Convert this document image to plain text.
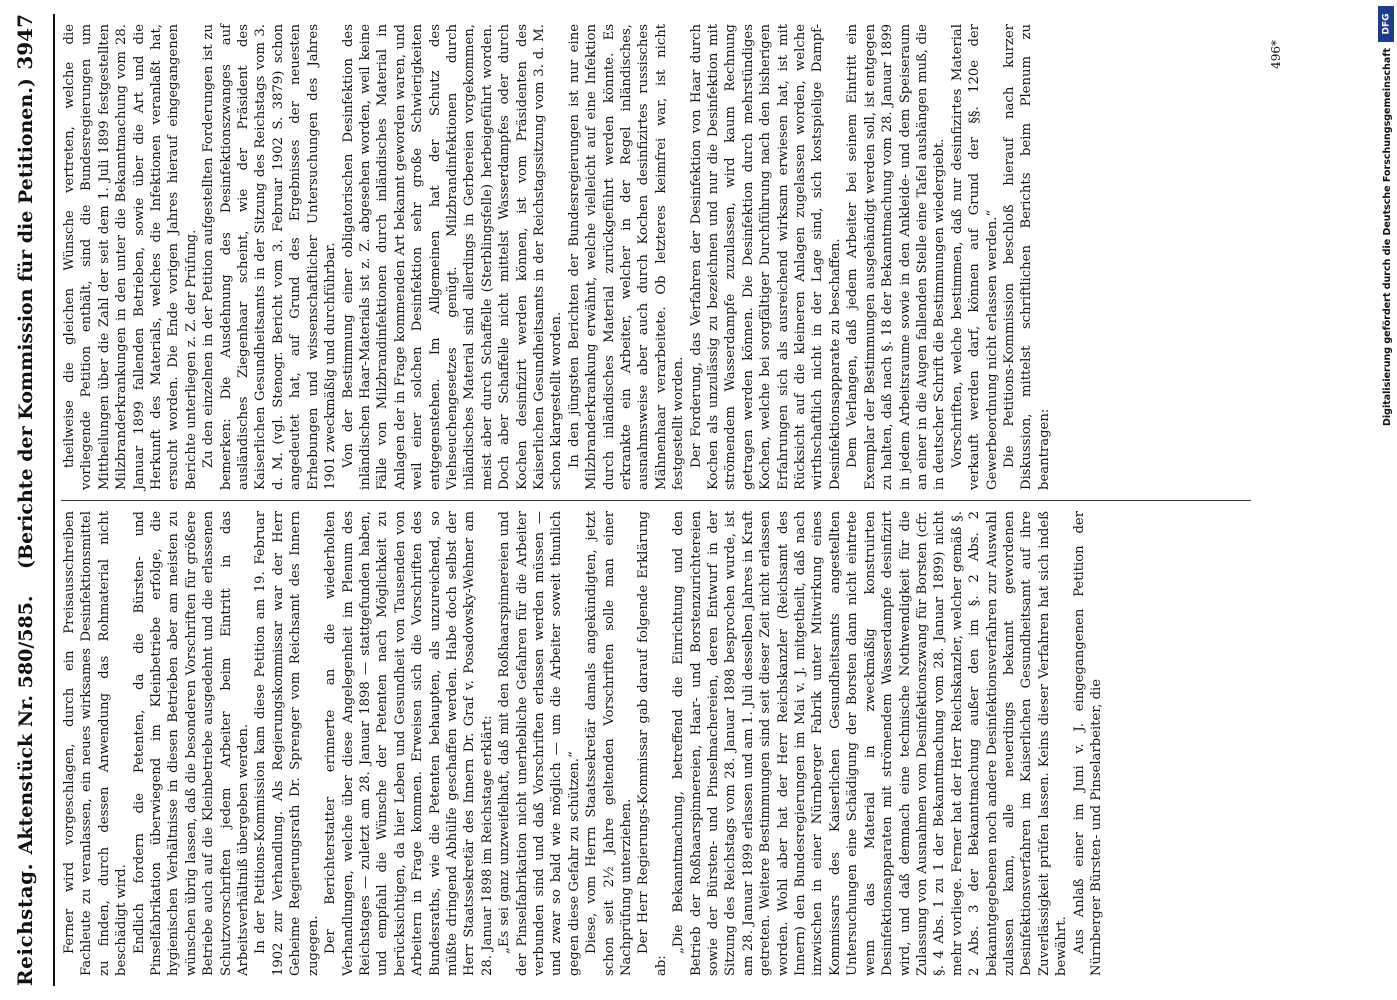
Reichstag.
Aktenstück Nr. 580/585.    (Berichte der Kommission für die Petitionen.)
3947

Ferner wird vorgeschlagen, durch ein Preisausschreiben Fachleute zu veranlassen, ein neues wirksames Desinfektionsmittel zu finden, durch dessen Anwendung das Rohmaterial nicht beschädigt wird. Endlich fordern die Petenten, da die Bürsten- und Pinselfabrikation überwiegend im Kleinbetriebe erfolge, die hygienischen Verhältnisse in diesen Betrieben aber am meisten zu wünschen übrig lassen, daß die besonderen Vorschriften für größere Betriebe auch auf die Kleinbetriebe ausgedehnt und die erlassenen Schutzvorschriften jedem Arbeiter beim Eintritt in das Arbeitsverhältniß übergeben werden. In der Petitions-Kommission kam diese Petition am 19. Februar 1902 zur Verhandlung. Als Regierungskommissar war der Herr Geheime Regierungsrath Dr. Sprenger vom Reichsamt des Innern zugegen. Der Berichterstatter erinnerte an die wiederholten Verhandlungen, welche über diese Angelegenheit im Plenum des Reichstages — zuletzt am 28. Januar 1898 — stattgefunden haben, und empfahl die Wünsche der Petenten nach Möglichkeit zu berücksichtigen, da hier Leben und Gesundheit von Tausenden von Arbeitern in Frage kommen. Erweisen sich die Vorschriften des Bundesraths, wie die Petenten behaupten, als unzureichend, so müßte dringend Abhülfe geschaffen werden. Habe doch selbst der Herr Staatssekretär des Innern Dr. Graf v. Posadowsky-Wehner am 28. Januar 1898 im Reichstage erklärt: „Es sei ganz unzweifelhaft, daß mit den Roßhaarspinnereien und der Pinselfabrikation nicht unerhebliche Gefahren für die Arbeiter verbunden sind und daß Vorschriften erlassen werden müssen — und zwar so bald wie möglich — um die Arbeiter soweit thunlich gegen diese Gefahr zu schützen.“ Diese, vom Herrn Staatssekretär damals angekündigten, jetzt schon seit 2½ Jahre geltenden Vorschriften solle man einer Nachprüfung unterziehen. Der Herr Regierungs-Kommissar gab darauf folgende Erklärung ab:

„Die Bekanntmachung, betreffend die Einrichtung und den Betrieb der Roßhaarspinnereien, Haar- und Borstenzurichtereien sowie der Bürsten- und Pinselmachereien, deren Entwurf in der Sitzung des Reichstags vom 28. Januar 1898 besprochen wurde, ist am 28. Januar 1899 erlassen und am 1. Juli desselben Jahres in Kraft getreten. Weitere Bestimmungen sind seit dieser Zeit nicht erlassen worden. Wohl aber hat der Herr Reichskanzler (Reichsamt des Innern) den Bundesregierungen im Mai v. J. mitgetheilt, daß nach inzwischen in einer Nürnberger Fabrik unter Mitwirkung eines Kommissars des Kaiserlichen Gesundheitsamts angestellten Untersuchungen eine Schädigung der Borsten dann nicht eintrete wenn das Material in zweckmäßig konstruirten Desinfektionsapparaten mit strömendem Wasserdampfe desinfizirt wird, und daß demnach eine technische Nothwendigkeit für die Zulassung von Ausnahmen vom Desinfektionszwang für Borsten (cfr. §. 4 Abs. 1 zu 1 der Bekanntmachung vom 28. Januar 1899) nicht mehr vorliege. Ferner hat der Herr Reichskanzler, welcher gemäß §. 2 Abs. 3 der Bekanntmachung außer den im §. 2 Abs. 2 bekanntgegebenen noch andere Desinfektionsverfahren zur Auswahl zulassen kann, alle neuerdings bekannt gewordenen Desinfektionsverfahren im Kaiserlichen Gesundheitsamt auf ihre Zuverlässigkeit prüfen lassen. Keins dieser Verfahren hat sich indeß bewährt. Aus Anlaß einer im Juni v. J. eingegangenen Petition der Nürnberger Bürsten- und Pinselarbeiter, die

theilweise die gleichen Wünsche vertreten, welche die vorliegende Petition enthält, sind die Bundesregierungen um Mittheilungen über die Zahl der seit dem 1. Juli 1899 festgestellten Milzbranderkrankungen in den unter die Bekanntmachung vom 28. Januar 1899 fallenden Betrieben, sowie über die Art und die Herkunft des Materials, welches die Infektionen veranlaßt hat, ersucht worden. Die Ende vorigen Jahres hierauf eingegangenen Berichte unterliegen z. Z. der Prüfung. Zu den einzelnen in der Petition aufgestellten Forderungen ist zu bemerken: Die Ausdehnung des Desinfektionszwanges auf ausländisches Ziegenhaar scheint, wie der Präsident des Kaiserlichen Gesundheitsamts in der Sitzung des Reichstags vom 3. d. M. (vgl. Stenogr. Bericht vom 3. Februar 1902 S. 3879) schon angedeutet hat, auf Grund des Ergebnisses der neuesten Erhebungen und wissenschaftlicher Untersuchungen des Jahres 1901 zweckmäßig und durchführbar. Von der Bestimmung einer obligatorischen Desinfektion des inländischen Haar-Materials ist z. Z. abgesehen worden, weil keine Fälle von Milzbrandinfektionen durch inländisches Material in Anlagen der in Frage kommenden Art bekannt geworden waren, und weil einer solchen Desinfektion sehr große Schwierigkeiten entgegenstehen. Im Allgemeinen hat der Schutz des Viehseuchengesetzes genügt. Milzbrandinfektionen durch inländisches Material sind allerdings in Gerbereien vorgekommen, meist aber durch Schaffelle (Sterblingsfelle) herbeigeführt worden. Doch aber Schaffelle nicht mittelst Wasserdampfes oder durch Kochen desinfizirt werden können, ist vom Präsidenten des Kaiserlichen Gesundheitsamts in der Reichstagssitzung vom 3. d. M. schon klargestellt worden. In den jüngsten Berichten der Bundesregierungen ist nur eine Milzbranderkrankung erwähnt, welche vielleicht auf eine Infektion durch inländisches Material zurückgeführt werden könnte. Es erkrankte ein Arbeiter, welcher in der Regel inländisches, ausnahmsweise aber auch durch Kochen desinfizirtes russisches Mähnenhaar verarbeitete. Ob letzteres keimfrei war, ist nicht festgestellt worden. Der Forderung, das Verfahren der Desinfektion von Haar durch Kochen als unzulässig zu bezeichnen und nur die Desinfektion mit strömendem Wasserdampfe zuzulassen, wird kaum Rechnung getragen werden können. Die Desinfektion durch mehrstündiges Kochen, welche bei sorgfältiger Durchführung nach den bisherigen Erfahrungen sich als ausreichend wirksam erwiesen hat, ist mit Rücksicht auf die kleineren Anlagen zugelassen worden, welche wirthschaftlich nicht in der Lage sind, sich kostspielige Dampf-Desinfektionsapparate zu beschaffen. Dem Verlangen, daß jedem Arbeiter bei seinem Eintritt ein Exemplar der Bestimmungen ausgehändigt werden soll, ist entgegen zu halten, daß nach §. 18 der Bekanntmachung vom 28. Januar 1899 in jedem Arbeitsraume sowie in den Ankleide- und dem Speiseraum an einer in die Augen fallenden Stelle eine Tafel aushängen muß, die in deutscher Schrift die Bestimmungen wiedergiebt. Vorschriften, welche bestimmen, daß nur desinfizirtes Material verkauft werden darf, können auf Grund der §§. 120e der Gewerbeordnung nicht erlassen werden.“ Die Petitions-Kommission beschloß hierauf nach kurzer Diskussion, mittelst schriftlichen Berichts beim Plenum zu beantragen:

496*
DFG
Digitalisierung gefördert durch die Deutsche Forschungsgemeinschaft
